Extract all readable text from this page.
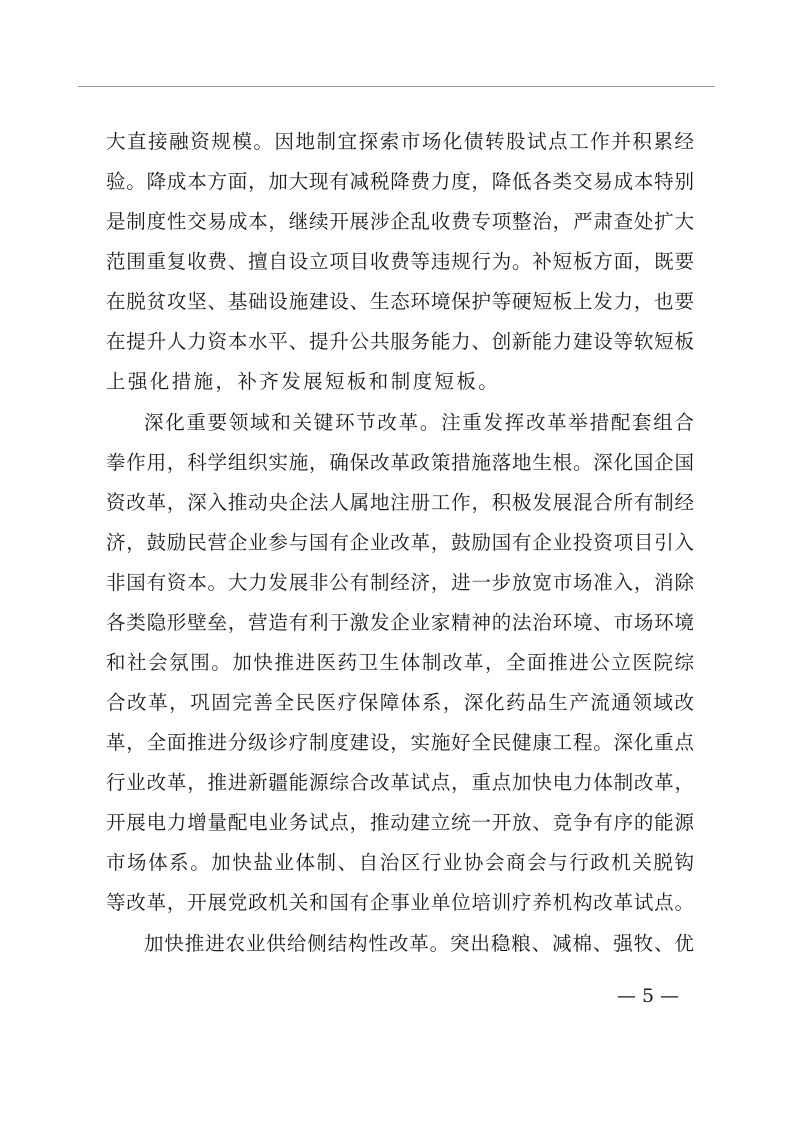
大直接融资规模。因地制宜探索市场化债转股试点工作并积累经
验。降成本方面，加大现有减税降费力度，降低各类交易成本特别
是制度性交易成本，继续开展涉企乱收费专项整治，严肃查处扩大
范围重复收费、擅自设立项目收费等违规行为。补短板方面，既要
在脱贫攻坚、基础设施建设、生态环境保护等硬短板上发力，也要
在提升人力资本水平、提升公共服务能力、创新能力建设等软短板
上强化措施，补齐发展短板和制度短板。
深化重要领域和关键环节改革。注重发挥改革举措配套组合
拳作用，科学组织实施，确保改革政策措施落地生根。深化国企国
资改革，深入推动央企法人属地注册工作，积极发展混合所有制经
济，鼓励民营企业参与国有企业改革，鼓励国有企业投资项目引入
非国有资本。大力发展非公有制经济，进一步放宽市场准入，消除
各类隐形壁垒，营造有利于激发企业家精神的法治环境、市场环境
和社会氛围。加快推进医药卫生体制改革，全面推进公立医院综
合改革，巩固完善全民医疗保障体系，深化药品生产流通领域改
革，全面推进分级诊疗制度建设，实施好全民健康工程。深化重点
行业改革，推进新疆能源综合改革试点，重点加快电力体制改革，
开展电力增量配电业务试点，推动建立统一开放、竞争有序的能源
市场体系。加快盐业体制、自治区行业协会商会与行政机关脱钩
等改革，开展党政机关和国有企事业单位培训疗养机构改革试点。
加快推进农业供给侧结构性改革。突出稳粮、减棉、强牧、优
— 5 —
